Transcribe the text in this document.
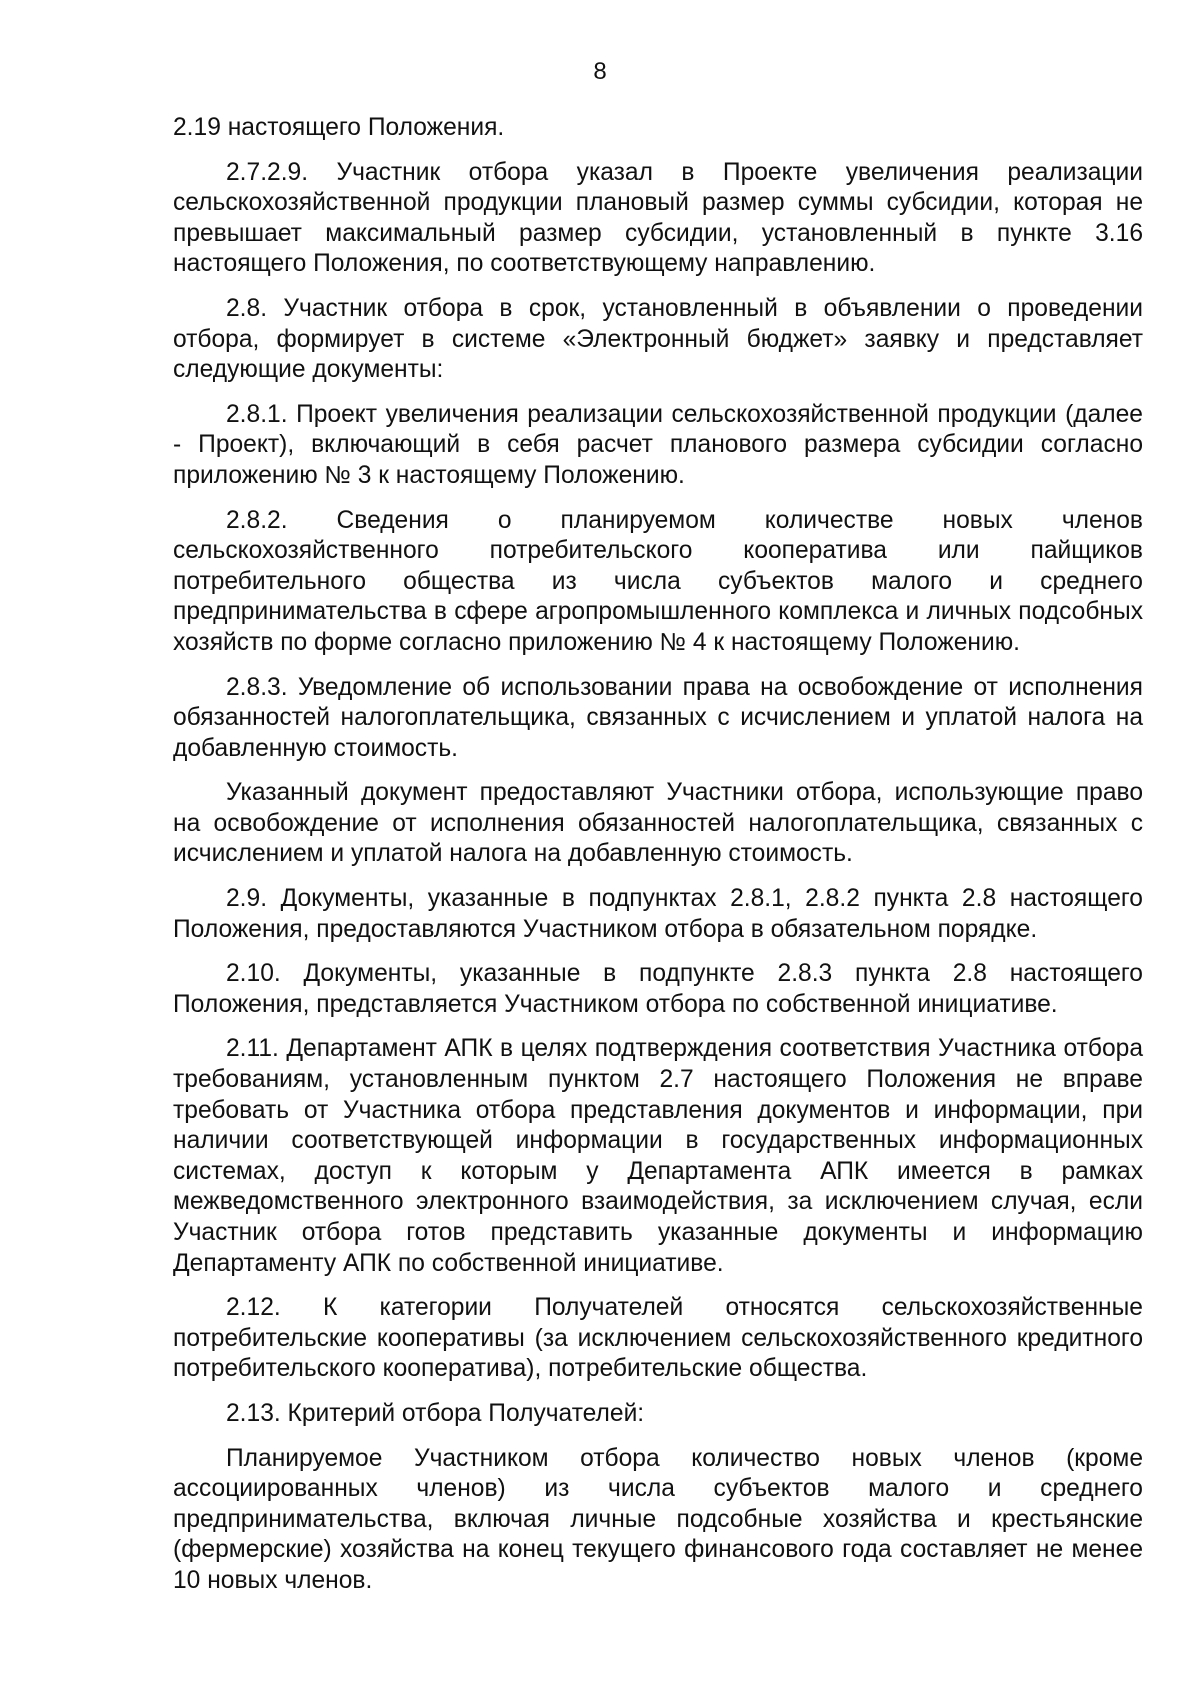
8

2.19 настоящего Положения.

2.7.2.9. Участник отбора указал в Проекте увеличения реализации сельскохозяйственной продукции плановый размер суммы субсидии, которая не превышает максимальный размер субсидии, установленный в пункте 3.16 настоящего Положения, по соответствующему направлению.

2.8. Участник отбора в срок, установленный в объявлении о проведении отбора, формирует в системе «Электронный бюджет» заявку и представляет следующие документы:

2.8.1. Проект увеличения реализации сельскохозяйственной продукции (далее - Проект), включающий в себя расчет планового размера субсидии согласно приложению № 3 к настоящему Положению.

2.8.2. Сведения о планируемом количестве новых членов сельскохозяйственного потребительского кооператива или пайщиков потребительного общества из числа субъектов малого и среднего предпринимательства в сфере агропромышленного комплекса и личных подсобных хозяйств по форме согласно приложению № 4 к настоящему Положению.

2.8.3. Уведомление об использовании права на освобождение от исполнения обязанностей налогоплательщика, связанных с исчислением и уплатой налога на добавленную стоимость.

Указанный документ предоставляют Участники отбора, использующие право на освобождение от исполнения обязанностей налогоплательщика, связанных с исчислением и уплатой налога на добавленную стоимость.

2.9. Документы, указанные в подпунктах 2.8.1, 2.8.2 пункта 2.8 настоящего Положения, предоставляются Участником отбора в обязательном порядке.

2.10. Документы, указанные в подпункте 2.8.3 пункта 2.8 настоящего Положения, представляется Участником отбора по собственной инициативе.

2.11. Департамент АПК в целях подтверждения соответствия Участника отбора требованиям, установленным пунктом 2.7 настоящего Положения не вправе требовать от Участника отбора представления документов и информации, при наличии соответствующей информации в государственных информационных системах, доступ к которым у Департамента АПК имеется в рамках межведомственного электронного взаимодействия, за исключением случая, если Участник отбора готов представить указанные документы и информацию Департаменту АПК по собственной инициативе.

2.12. К категории Получателей относятся сельскохозяйственные потребительские кооперативы (за исключением сельскохозяйственного кредитного потребительского кооператива), потребительские общества.

2.13. Критерий отбора Получателей:

Планируемое Участником отбора количество новых членов (кроме ассоциированных членов) из числа субъектов малого и среднего предпринимательства, включая личные подсобные хозяйства и крестьянские (фермерские) хозяйства на конец текущего финансового года составляет не менее 10 новых членов.
